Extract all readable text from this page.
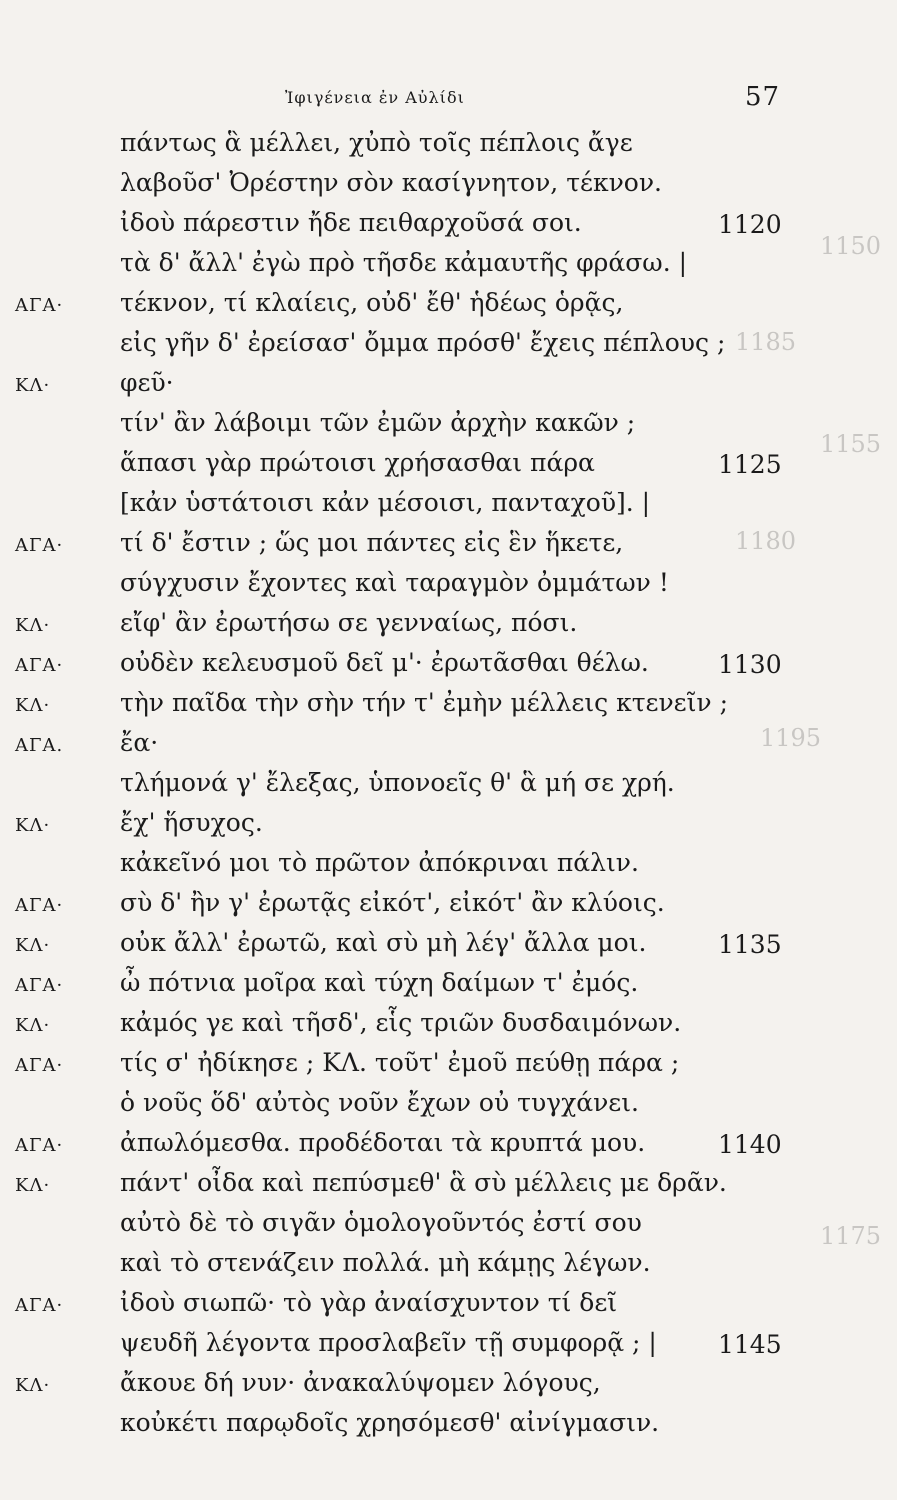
Ἰφιγένεια ἐν Αὐλίδι	57
1150
1155
1180
1185
1195
1175
πάντως ἃ μέλλει, χὐπὸ τοῖς πέπλοις ἄγε
λαβοῦσ' Ὀρέστην σὸν κασίγνητον, τέκνον.
ἰδοὺ πάρεστιν ἤδε πειθαρχοῦσά σοι.	1120
τὰ δ' ἄλλ' ἐγὼ πρὸ τῆσδε κἀμαυτῆς φράσω. |
ΑΓΑ· τέκνον, τί κλαίεις, οὐδ' ἔθ' ἡδέως ὁρᾷς,
εἰς γῆν δ' ἐρείσασ' ὄμμα πρόσθ' ἔχεις πέπλους ;
ΚΛ·	φεῦ·
τίν' ἂν λάβοιμι τῶν ἐμῶν ἀρχὴν κακῶν ;
ἅπασι γὰρ πρώτοισι χρήσασθαι πάρα	1125
[κἀν ὑστάτοισι κἀν μέσοισι, πανταχοῦ]. |
ΑΓΑ· τί δ' ἔστιν ; ὥς μοι πάντες εἰς ἓν ἥκετε,
σύγχυσιν ἔχοντες καὶ ταραγμὸν ὀμμάτων !
ΚΛ·	εἴφ' ἂν ἐρωτήσω σε γενναίως, πόσι.
ΑΓΑ· οὐδὲν κελευσμοῦ δεῖ μ'· ἐρωτᾶσθαι θέλω.	1130
ΚΛ·	τὴν παῖδα τὴν σὴν τήν τ' ἐμὴν μέλλεις κτενεῖν ;
ΑΓΑ. ἔα·
τλήμονά γ' ἔλεξας, ὑπονοεῖς θ' ἃ μή σε χρή.
ΚΛ·	ἔχ' ἥσυχος.
κἀκεῖνό μοι τὸ πρῶτον ἀπόκριναι πάλιν.
ΑΓΑ· σὺ δ' ἢν γ' ἐρωτᾷς εἰκότ', εἰκότ' ἂν κλύοις.
ΚΛ·	οὐκ ἄλλ' ἐρωτῶ, καὶ σὺ μὴ λέγ' ἄλλα μοι.	1135
ΑΓΑ· ὦ πότνια μοῖρα καὶ τύχη δαίμων τ' ἐμός.
ΚΛ·	κἀμός γε καὶ τῆσδ', εἷς τριῶν δυσδαιμόνων.
ΑΓΑ· τίς σ' ἠδίκησε ; ΚΛ. τοῦτ' ἐμοῦ πεύθῃ πάρα ;
ὁ νοῦς ὅδ' αὐτὸς νοῦν ἔχων οὐ τυγχάνει.
ΑΓΑ· ἀπωλόμεσθα. προδέδοται τὰ κρυπτά μου.	1140
ΚΛ·	πάντ' οἶδα καὶ πεπύσμεθ' ἃ σὺ μέλλεις με δρᾶν.
αὐτὸ δὲ τὸ σιγᾶν ὁμολογοῦντός ἐστί σου
καὶ τὸ στενάζειν πολλά. μὴ κάμῃς λέγων.
ΑΓΑ· ἰδοὺ σιωπῶ· τὸ γὰρ ἀναίσχυντον τί δεῖ
ψευδῆ λέγοντα προσλαβεῖν τῇ συμφορᾷ ; | 1145
ΚΛ·	ἄκουε δή νυν· ἀνακαλύψομεν λόγους,
κοὐκέτι παρῳδοῖς χρησόμεσθ' αἰνίγμασιν.
